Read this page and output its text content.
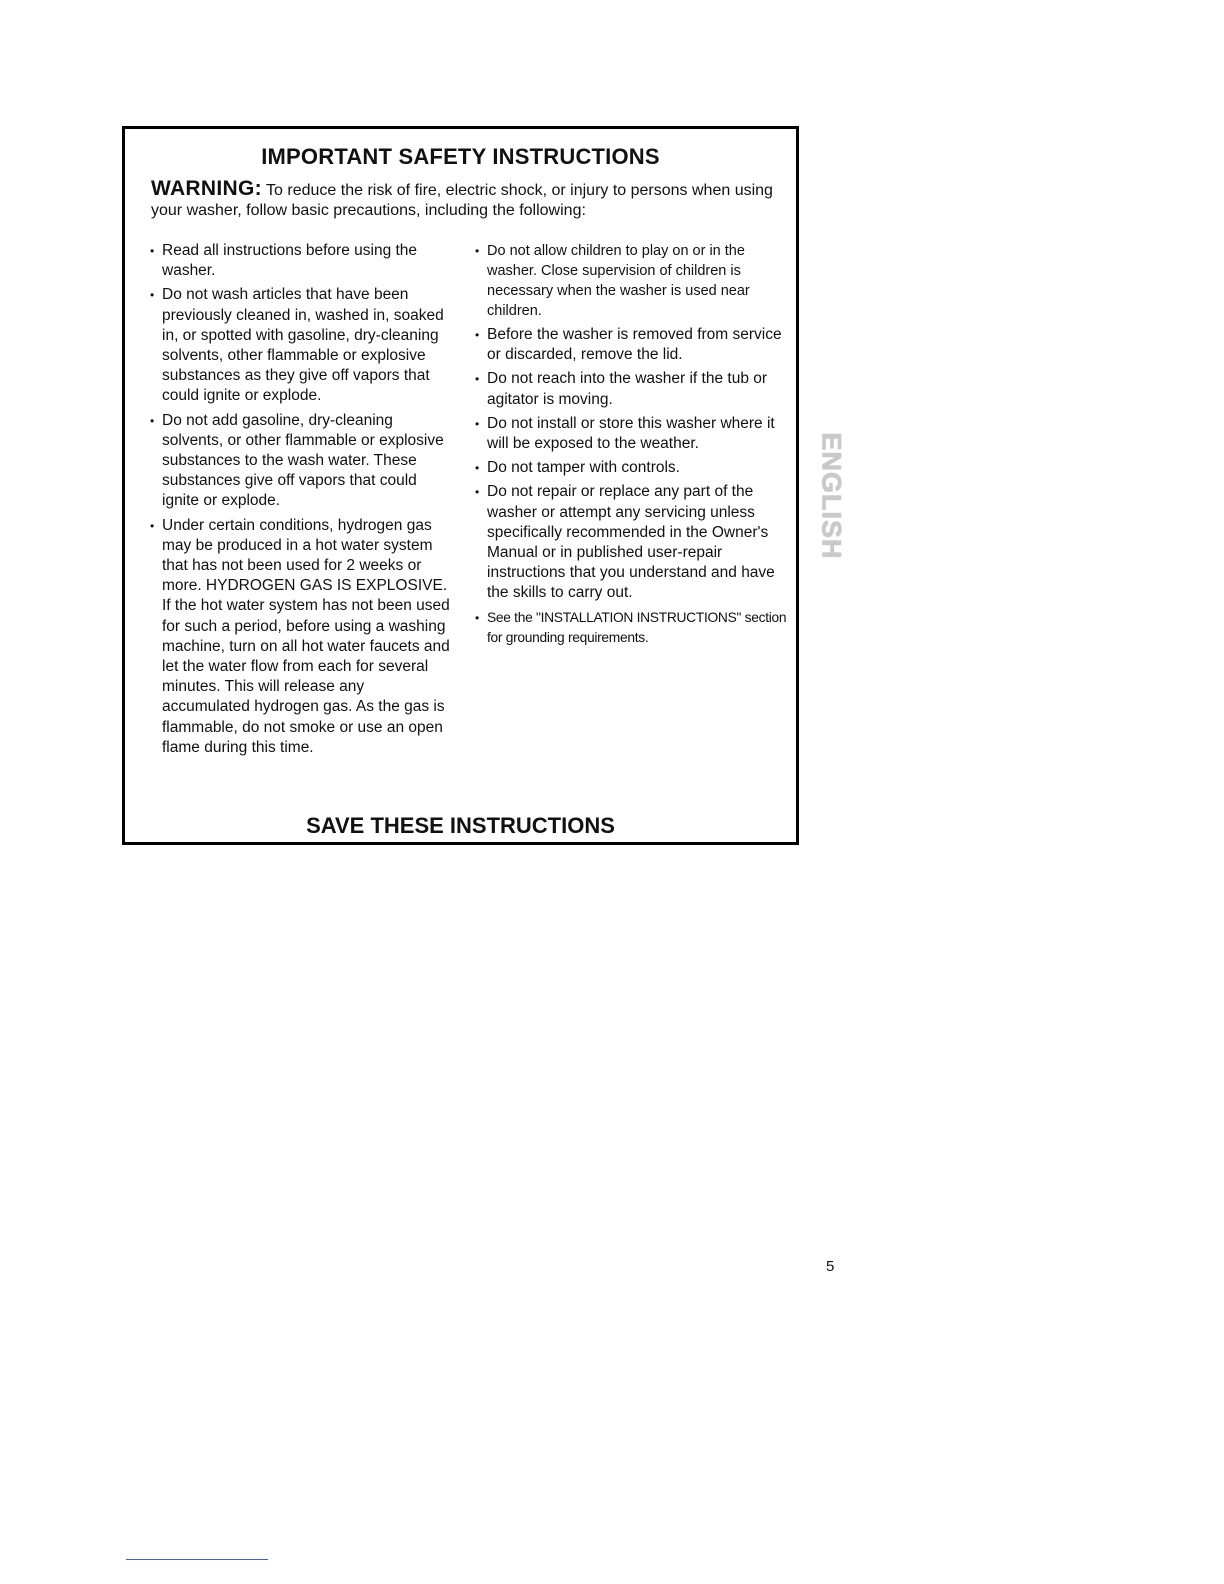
IMPORTANT SAFETY INSTRUCTIONS

WARNING: To reduce the risk of fire, electric shock, or injury to persons when using your washer, follow basic precautions, including the following:

• Read all instructions before using the washer.
• Do not wash articles that have been previously cleaned in, washed in, soaked in, or spotted with gasoline, dry-cleaning solvents, other flammable or explosive substances as they give off vapors that could ignite or explode.
• Do not add gasoline, dry-cleaning solvents, or other flammable or explosive substances to the wash water. These substances give off vapors that could ignite or explode.
• Under certain conditions, hydrogen gas may be produced in a hot water system that has not been used for 2 weeks or more. HYDROGEN GAS IS EXPLOSIVE. If the hot water system has not been used for such a period, before using a washing machine, turn on all hot water faucets and let the water flow from each for several minutes. This will release any accumulated hydrogen gas. As the gas is flammable, do not smoke or use an open flame during this time.
• Do not allow children to play on or in the washer. Close supervision of children is necessary when the washer is used near children.
• Before the washer is removed from service or discarded, remove the lid.
• Do not reach into the washer if the tub or agitator is moving.
• Do not install or store this washer where it will be exposed to the weather.
• Do not tamper with controls.
• Do not repair or replace any part of the washer or attempt any servicing unless specifically recommended in the Owner's Manual or in published user-repair instructions that you understand and have the skills to carry out.
• See the "INSTALLATION INSTRUCTIONS" section for grounding requirements.
SAVE THESE INSTRUCTIONS
ENGLISH
5
